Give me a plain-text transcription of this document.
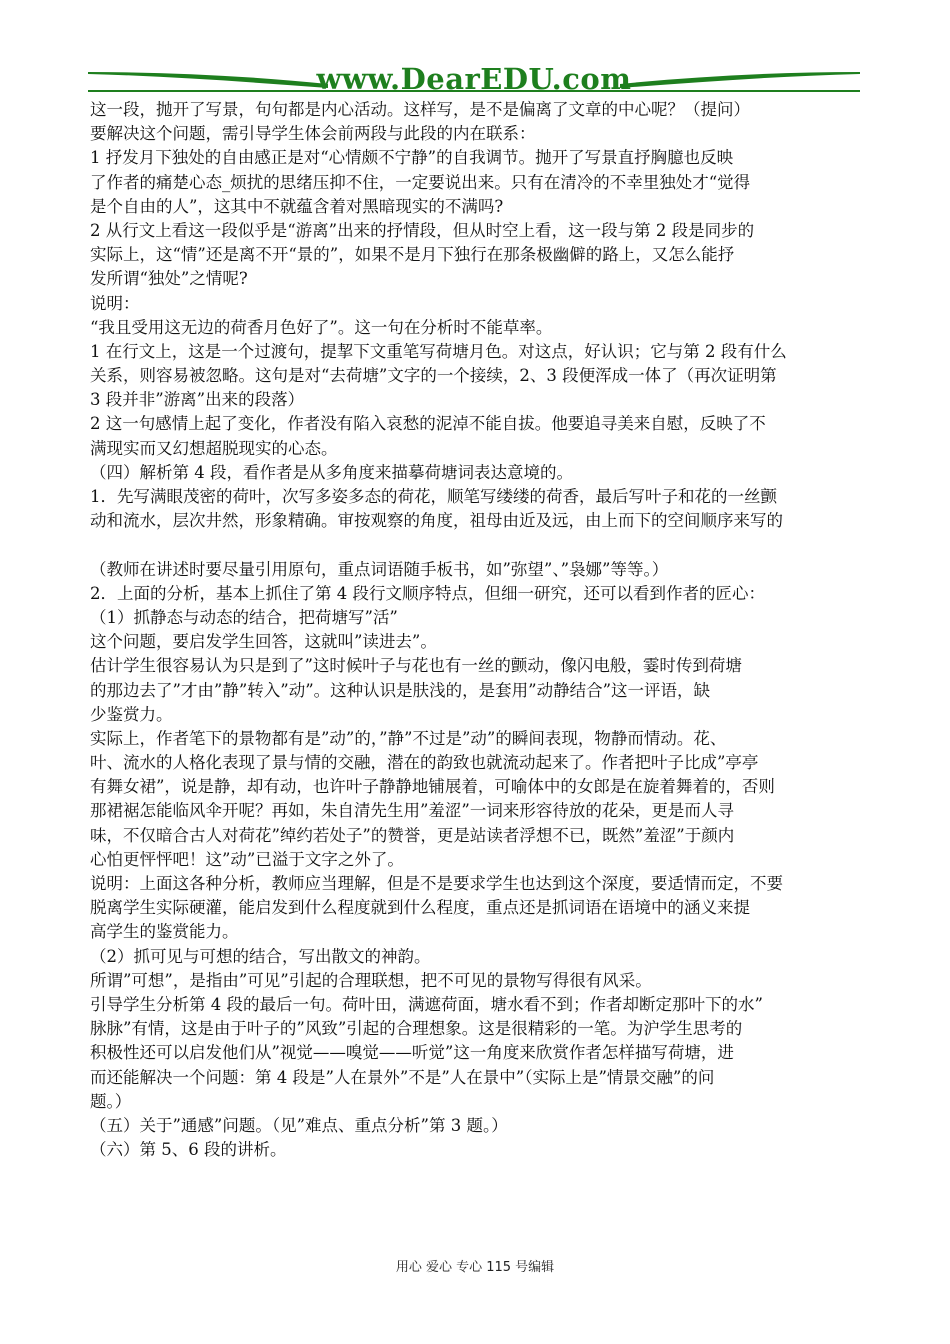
www.DearEDU.com
这一段，抛开了写景，句句都是内心活动。这样写，是不是偏离了文章的中心呢？（提问）
要解决这个问题，需引导学生体会前两段与此段的内在联系：
1 抒发月下独处的自由感正是对“心情颇不宁静”的自我调节。抛开了写景直抒胸臆也反映
了作者的痛楚心态_烦扰的思绪压抑不住，一定要说出来。只有在清冷的不幸里独处才“觉得
是个自由的人”，这其中不就蕴含着对黑暗现实的不满吗?
2 从行文上看这一段似乎是“游离”出来的抒情段，但从时空上看，这一段与第 2 段是同步的
实际上，这“情”还是离不开“景的”，如果不是月下独行在那条极幽僻的路上，又怎么能抒
发所谓“独处”之情呢?
说明：
“我且受用这无边的荷香月色好了”。这一句在分析时不能草率。
1 在行文上，这是一个过渡句，提挈下文重笔写荷塘月色。对这点，好认识；它与第 2 段有什么
关系，则容易被忽略。这句是对“去荷塘”文字的一个接续，2、3 段便浑成一体了（再次证明第
3 段并非”游离”出来的段落）
2 这一句感情上起了变化，作者没有陷入哀愁的泥淖不能自拔。他要追寻美来自慰，反映了不
满现实而又幻想超脱现实的心态。
（四）解析第 4 段，看作者是从多角度来描摹荷塘词表达意境的。
1．先写满眼茂密的荷叶，次写多姿多态的荷花，顺笔写缕缕的荷香，最后写叶子和花的一丝颤
动和流水，层次井然，形象精确。审按观察的角度，祖母由近及远，由上而下的空间顺序来写的
（教师在讲述时要尽量引用原句，重点词语随手板书，如”弥望”、”袅娜”等等。）
2．上面的分析，基本上抓住了第 4 段行文顺序特点，但细一研究，还可以看到作者的匠心：
（1）抓静态与动态的结合，把荷塘写”活”
这个问题，要启发学生回答，这就叫”读进去”。
估计学生很容易认为只是到了”这时候叶子与花也有一丝的颤动，像闪电般，霎时传到荷塘
的那边去了”才由”静”转入”动”。这种认识是肤浅的，是套用”动静结合”这一评语，缺
少鉴赏力。
实际上，作者笔下的景物都有是”动”的，”静”不过是”动”的瞬间表现，物静而情动。花、
叶、流水的人格化表现了景与情的交融，潜在的韵致也就流动起来了。作者把叶子比成”亭亭
有舞女裙”，说是静，却有动，也许叶子静静地铺展着，可喻体中的女郎是在旋着舞着的，否则
那裙裾怎能临风伞开呢？再如，朱自清先生用”羞涩”一词来形容待放的花朵，更是而人寻
味，不仅暗合古人对荷花”绰约若处子”的赞誉，更是站读者浮想不已，既然”羞涩”于颜内
心怕更怦怦吧！这”动”已溢于文字之外了。
说明：上面这各种分析，教师应当理解，但是不是要求学生也达到这个深度，要适情而定，不要
脱离学生实际硬灌，能启发到什么程度就到什么程度，重点还是抓词语在语境中的涵义来提
高学生的鉴赏能力。
（2）抓可见与可想的结合，写出散文的神韵。
所谓”可想”，是指由”可见”引起的合理联想，把不可见的景物写得很有风采。
引导学生分析第 4 段的最后一句。荷叶田，满遮荷面，塘水看不到；作者却断定那叶下的水”
脉脉”有情，这是由于叶子的”风致”引起的合理想象。这是很精彩的一笔。为沪学生思考的
积极性还可以启发他们从”视觉——嗅觉——听觉”这一角度来欣赏作者怎样描写荷塘，进
而还能解决一个问题：第 4 段是”人在景外”不是”人在景中”（实际上是”情景交融”的问
题。）
（五）关于”通感”问题。（见”难点、重点分析”第 3 题。）
（六）第 5、6 段的讲析。
用心 爱心 专心 115 号编辑
